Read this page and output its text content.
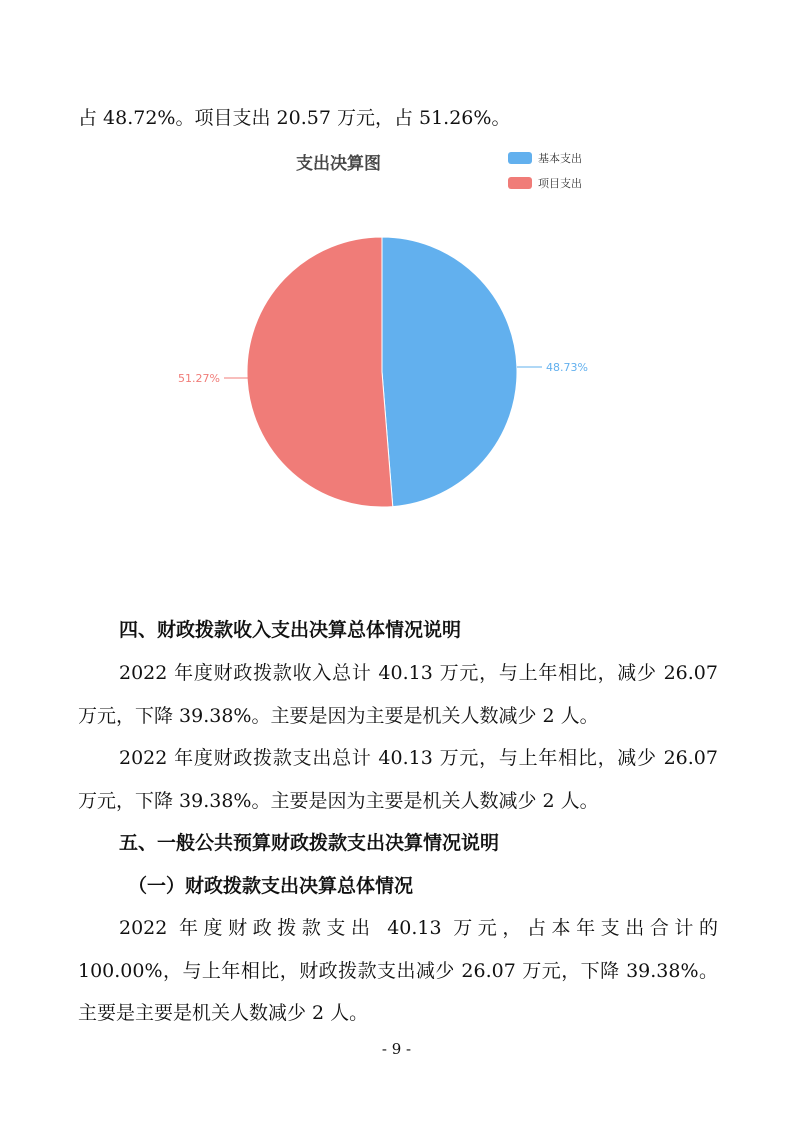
占 48.72%。项目支出 20.57 万元，占 51.26%。
支出决算图	基本支出
项目支出
48.73%
51.27%
四、财政拨款收入支出决算总体情况说明
2022 年度财政拨款收入总计 40.13 万元，与上年相比，减少 26.07
万元，下降 39.38%。主要是因为主要是机关人数减少 2 人。
2022 年度财政拨款支出总计 40.13 万元，与上年相比，减少 26.07
万元，下降 39.38%。主要是因为主要是机关人数减少 2 人。
五、一般公共预算财政拨款支出决算情况说明
（一）财政拨款支出决算总体情况
2022 年度财政拨款支出 40.13 万元，占本年支出合计的
100.00%，与上年相比，财政拨款支出减少 26.07 万元，下降 39.38%。
主要是主要是机关人数减少 2 人。
- 9 -
